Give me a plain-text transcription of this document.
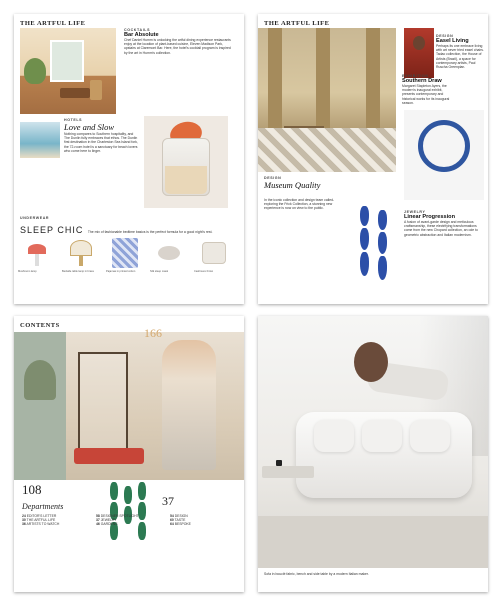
THE ARTFUL LIFE
COCKTAILS
Bar Absolute
Chef Daniel Humm is unlocking the artful dining experience restaurants enjoy at the location of plant-based cuisine, Eleven Madison Park, upstairs at Claremont Bar. Here, the hotel's cocktail program is inspired by the art in Humm's collection.
HOTELS
Love and Slow
Nothing compares to Southern hospitality, and The Dunlin fully embraces that ethos. The Dunlin first destination in the Charleston Sea Island fork, the 72-room hotel is a sanctuary for beach lovers who come here to linger.
UNDERWEAR
SLEEP CHIC The mix of fashionable bedtime basics is the perfect formula for a good night's rest.
Mushroom lamp	Bedside table lamp in brass	Pajamas in printed cotton	Silk sleep mask	Cashmere throw
THE ARTFUL LIFE
DESIGN
Easel Living
Perhaps its one embrace living with art never tried easel chairs. Tadao collection, the House of Artists (Brazil), a space for contemporary artists, Paul Ruscha Greenplan.
EXHIBITION
Southern Draw
Margaret Stapleton Ayers, the modern's inaugural exhibit, presents contemporary and historical works for its inaugural season.
DESIGN
Museum Quality
In the iconic collection and design team called-exploring the Frick Collection, a stunning new experience is now on view to the public.
JEWELRY
Linear Progression
A fusion of avant-garde design and meticulous craftsmanship, these electrifying transformations come from the new Chopard collection, an ode to geometric abstraction and Italian modernism.
CONTENTS
166
108
37
Departments
24 EDITOR'S LETTER
30 THE ARTFUL LIFE
36 ARTISTS TO WATCH
58 DESIGNER SPOTLIGHT
37 JEWELRY
46 GARDENS
54 DESIGN
60 TASTE
64 BESPOKE
Sofa in bouclé fabric, bench and side table by a modern Italian maker.
